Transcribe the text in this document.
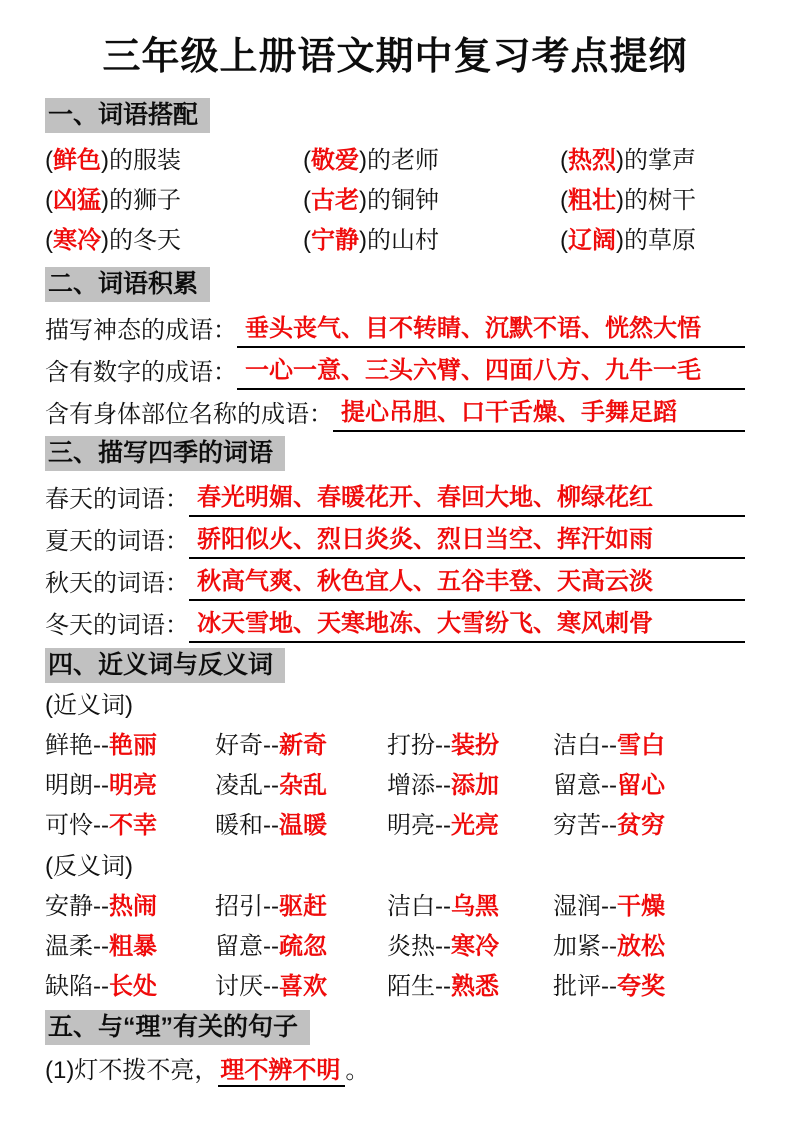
三年级上册语文期中复习考点提纲
一、词语搭配
(鲜色)的服装	(敬爱)的老师	(热烈)的掌声
(凶猛)的狮子	(古老)的铜钟	(粗壮)的树干
(寒冷)的冬天	(宁静)的山村	(辽阔)的草原
二、词语积累
描写神态的成语： 垂头丧气、目不转睛、沉默不语、恍然大悟
含有数字的成语： 一心一意、三头六臂、四面八方、九牛一毛
含有身体部位名称的成语： 提心吊胆、口干舌燥、手舞足蹈
三、描写四季的词语
春天的词语： 春光明媚、春暖花开、春回大地、柳绿花红
夏天的词语： 骄阳似火、烈日炎炎、烈日当空、挥汗如雨
秋天的词语： 秋高气爽、秋色宜人、五谷丰登、天高云淡
冬天的词语： 冰天雪地、天寒地冻、大雪纷飞、寒风刺骨
四、近义词与反义词
(近义词)
鲜艳--艳丽	好奇--新奇	打扮--装扮	洁白--雪白
明朗--明亮	凌乱--杂乱	增添--添加	留意--留心
可怜--不幸	暖和--温暖	明亮--光亮	穷苦--贫穷
(反义词)
安静--热闹	招引--驱赶	洁白--乌黑	湿润--干燥
温柔--粗暴	留意--疏忽	炎热--寒冷	加紧--放松
缺陷--长处	讨厌--喜欢	陌生--熟悉	批评--夸奖
五、与“理”有关的句子
(1)灯不拨不亮，理不辨不明 。
